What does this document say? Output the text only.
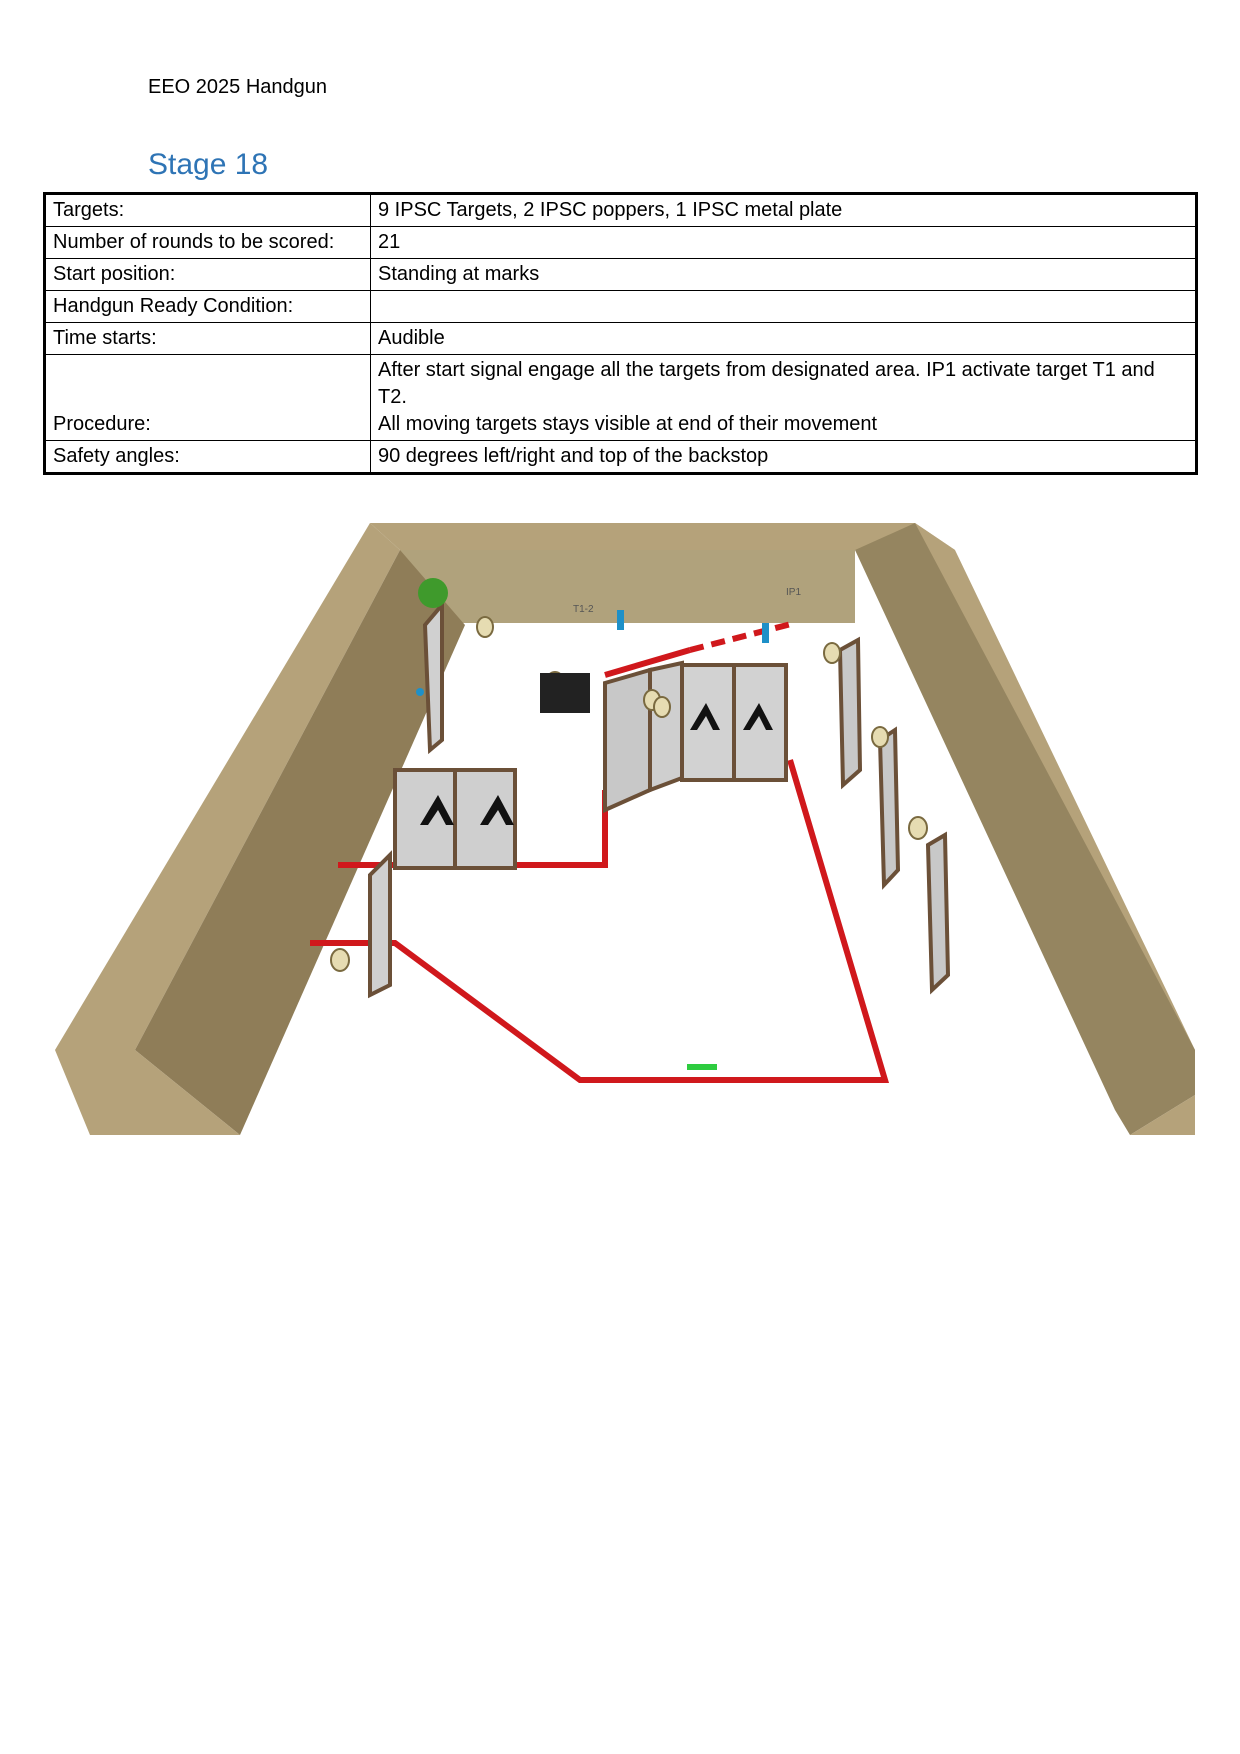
EEO 2025 Handgun
Stage 18
Targets:	9 IPSC Targets, 2 IPSC poppers, 1 IPSC metal plate
Number of rounds to be scored:	21
Start position:	Standing at marks
Handgun Ready Condition:	
Time starts:	Audible
Procedure:	After start signal engage all the targets from designated area. IP1 activate target T1 and T2.
All moving targets stays visible at end of their movement

Safety angles:	90 degrees left/right and top of the backstop
T1-2
IP1
